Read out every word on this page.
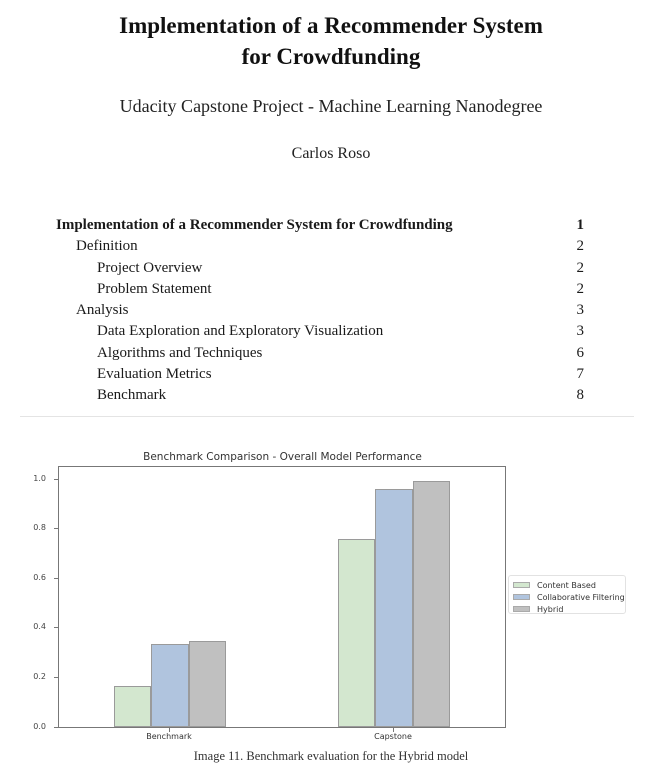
Implementation of a Recommender System
for Crowdfunding
Udacity Capstone Project - Machine Learning Nanodegree
Carlos Roso
Implementation of a Recommender System for Crowdfunding	1
Definition	2
Project Overview	2
Problem Statement	2
Analysis	3
Data Exploration and Exploratory Visualization	3
Algorithms and Techniques	6
Evaluation Metrics	7
Benchmark	8
Benchmark Comparison - Overall Model Performance
0.0
0.2
0.4
0.6
0.8
1.0
Benchmark	Capstone
Content Based
Collaborative Filtering
Hybrid
Image 11. Benchmark evaluation for the Hybrid model
